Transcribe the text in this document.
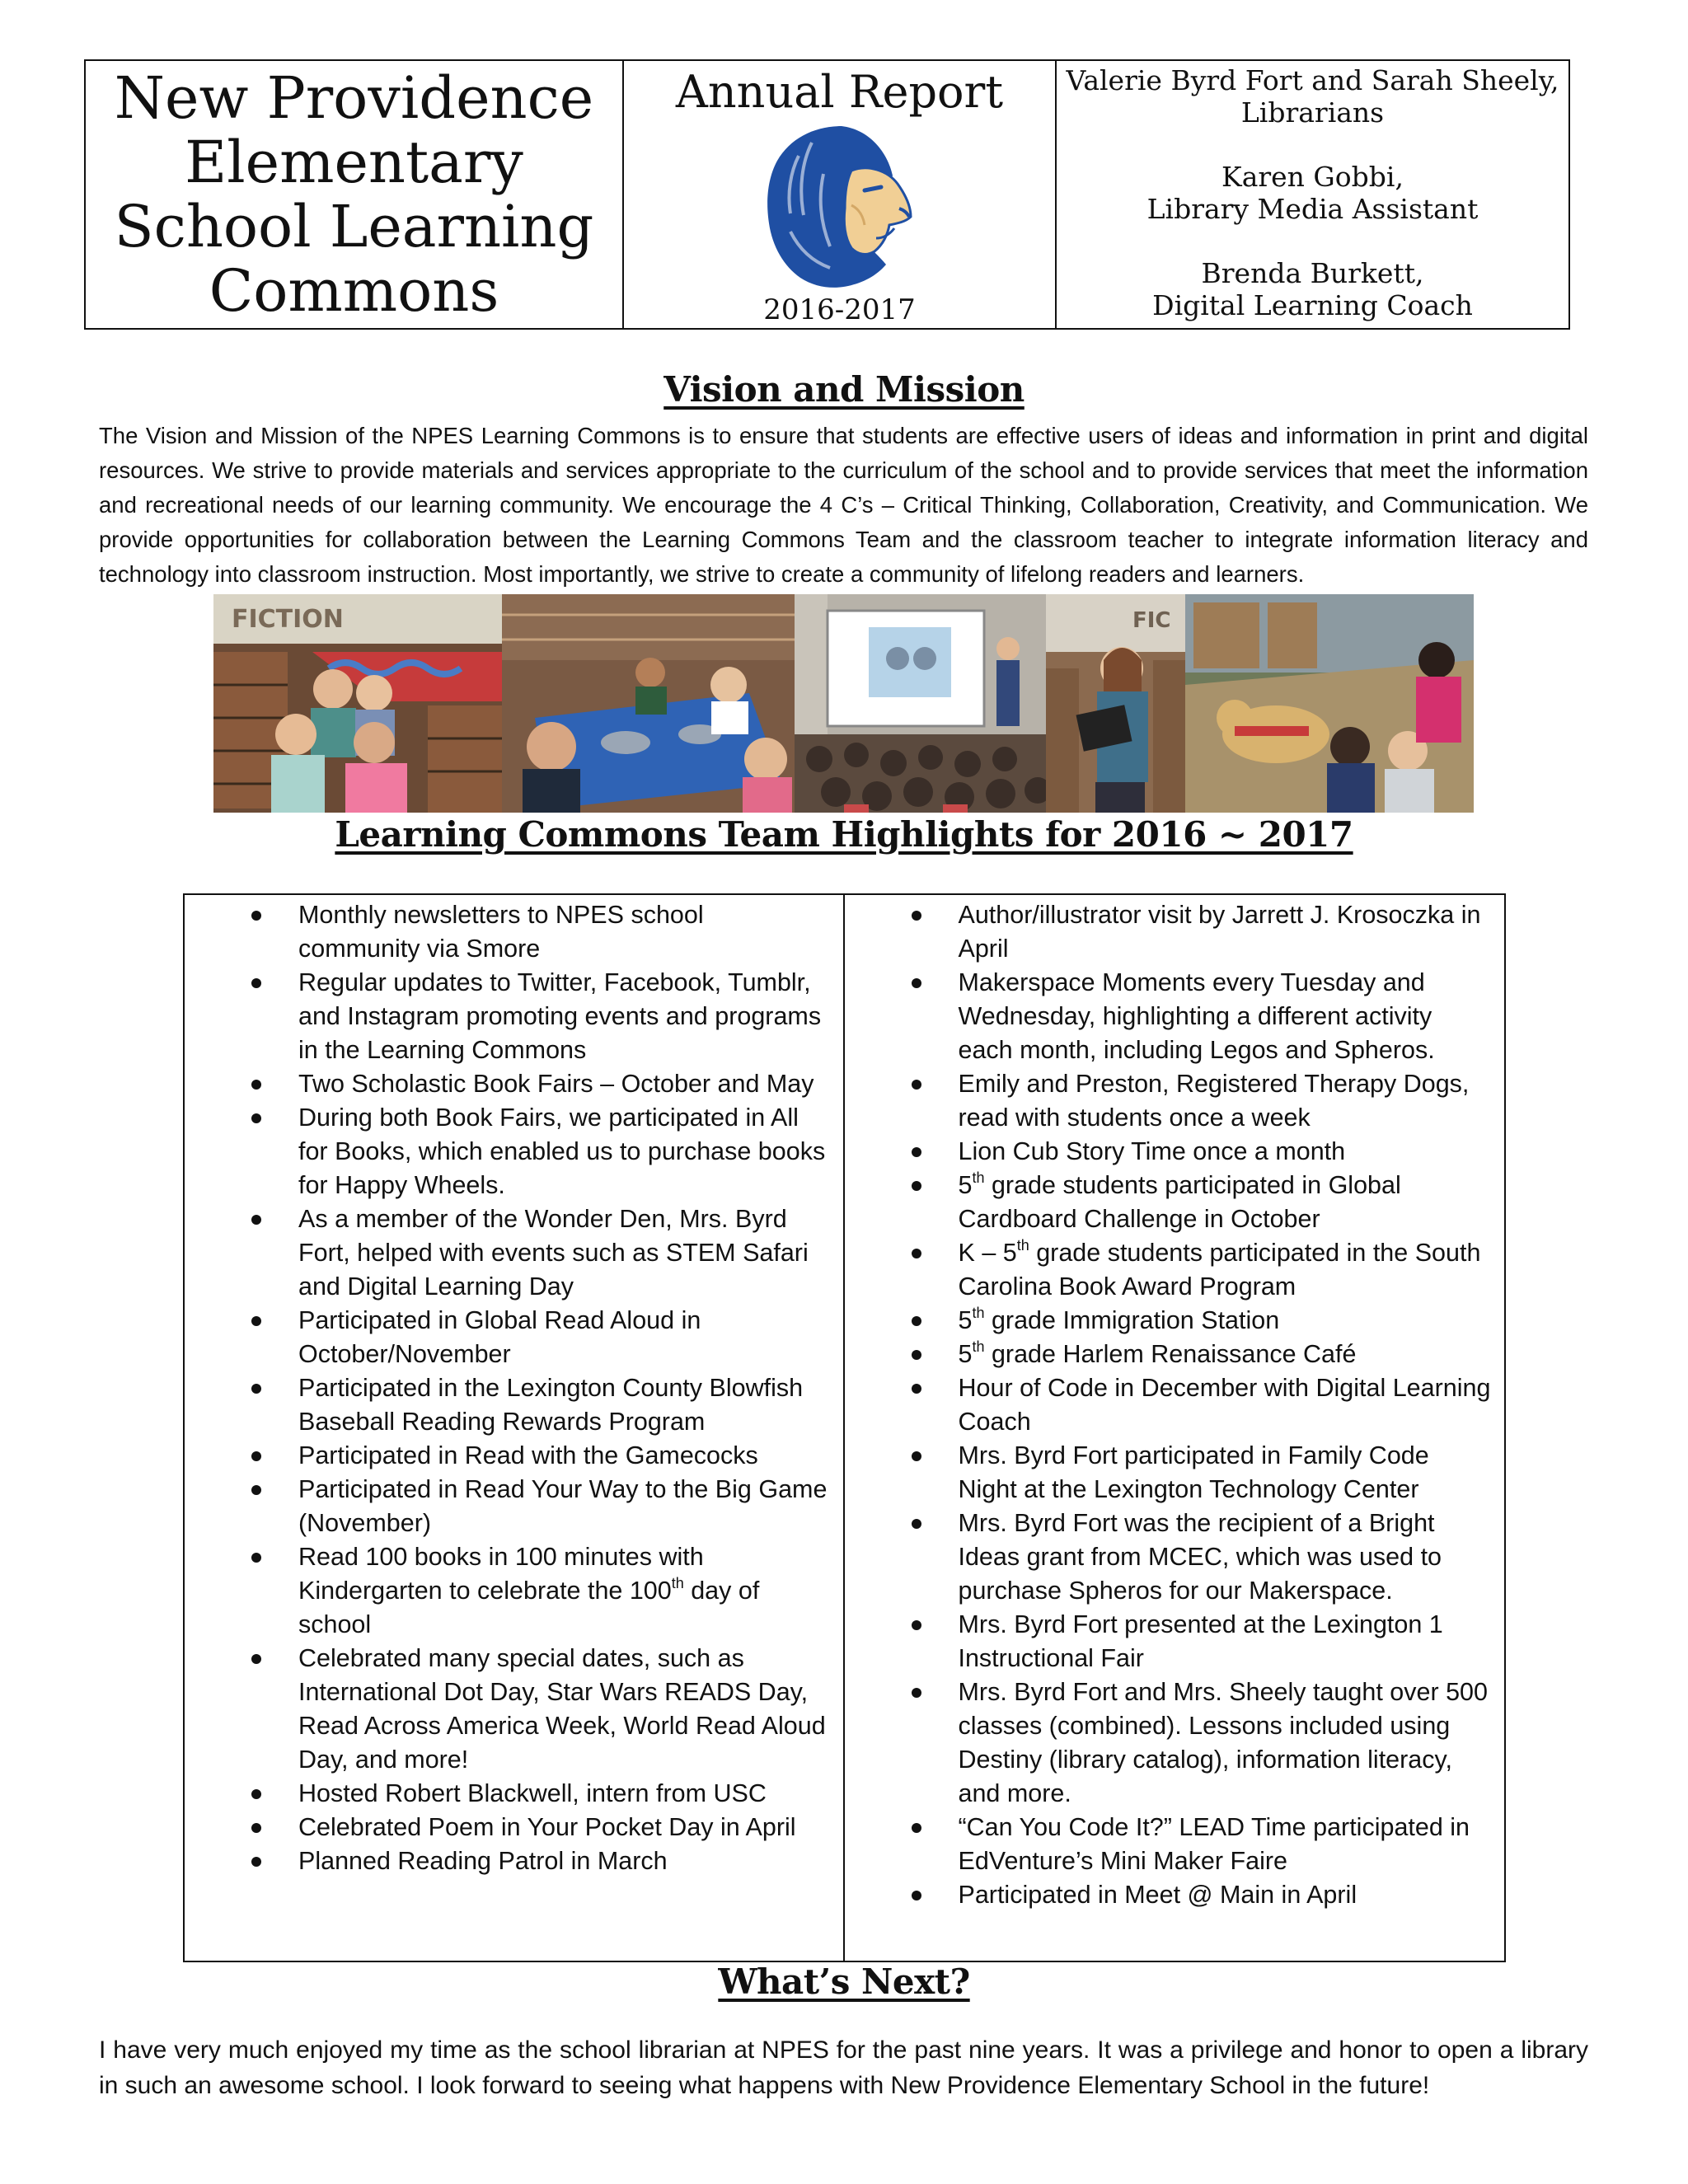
New Providence Elementary School Learning Commons

Annual Report
2016-2017
Valerie Byrd Fort and Sarah Sheely,
Librarians
Karen Gobbi,
Library Media Assistant
Brenda Burkett,
Digital Learning Coach
Vision and Mission

The Vision and Mission of the NPES Learning Commons is to ensure that students are effective users of ideas and information in print and digital resources. We strive to provide materials and services appropriate to the curriculum of the school and to provide services that meet the information and recreational needs of our learning community. We encourage the 4 C’s – Critical Thinking, Collaboration, Creativity, and Communication. We provide opportunities for collaboration between the Learning Commons Team and the classroom teacher to integrate information literacy and technology into classroom instruction. Most importantly, we strive to create a community of lifelong readers and learners.

FICTION	FIC
Learning Commons Team Highlights for 2016 ~ 2017
Monthly newsletters to NPES school community via Smore
Regular updates to Twitter, Facebook, Tumblr, and Instagram promoting events and programs in the Learning Commons
Two Scholastic Book Fairs – October and May
During both Book Fairs, we participated in All for Books, which enabled us to purchase books for Happy Wheels.
As a member of the Wonder Den, Mrs. Byrd Fort, helped with events such as STEM Safari and Digital Learning Day
Participated in Global Read Aloud in October/November
Participated in the Lexington County Blowfish Baseball Reading Rewards Program
Participated in Read with the Gamecocks
Participated in Read Your Way to the Big Game (November)
Read 100 books in 100 minutes with Kindergarten to celebrate the 100th day of school
Celebrated many special dates, such as International Dot Day, Star Wars READS Day, Read Across America Week, World Read Aloud Day, and more!
Hosted Robert Blackwell, intern from USC
Celebrated Poem in Your Pocket Day in April
Planned Reading Patrol in March
Author/illustrator visit by Jarrett J. Krosoczka in April
Makerspace Moments every Tuesday and Wednesday, highlighting a different activity each month, including Legos and Spheros.
Emily and Preston, Registered Therapy Dogs, read with students once a week
Lion Cub Story Time once a month
5th grade students participated in Global Cardboard Challenge in October
K – 5th grade students participated in the South Carolina Book Award Program
5th grade Immigration Station
5th grade Harlem Renaissance Café
Hour of Code in December with Digital Learning Coach
Mrs. Byrd Fort participated in Family Code Night at the Lexington Technology Center
Mrs. Byrd Fort was the recipient of a Bright Ideas grant from MCEC, which was used to purchase Spheros for our Makerspace.
Mrs. Byrd Fort presented at the Lexington 1 Instructional Fair
Mrs. Byrd Fort and Mrs. Sheely taught over 500 classes (combined). Lessons included using Destiny (library catalog), information literacy, and more.
“Can You Code It?” LEAD Time participated in EdVenture’s Mini Maker Faire
Participated in Meet @ Main in April
What’s Next?

I have very much enjoyed my time as the school librarian at NPES for the past nine years. It was a privilege and honor to open a library in such an awesome school. I look forward to seeing what happens with New Providence Elementary School in the future!
